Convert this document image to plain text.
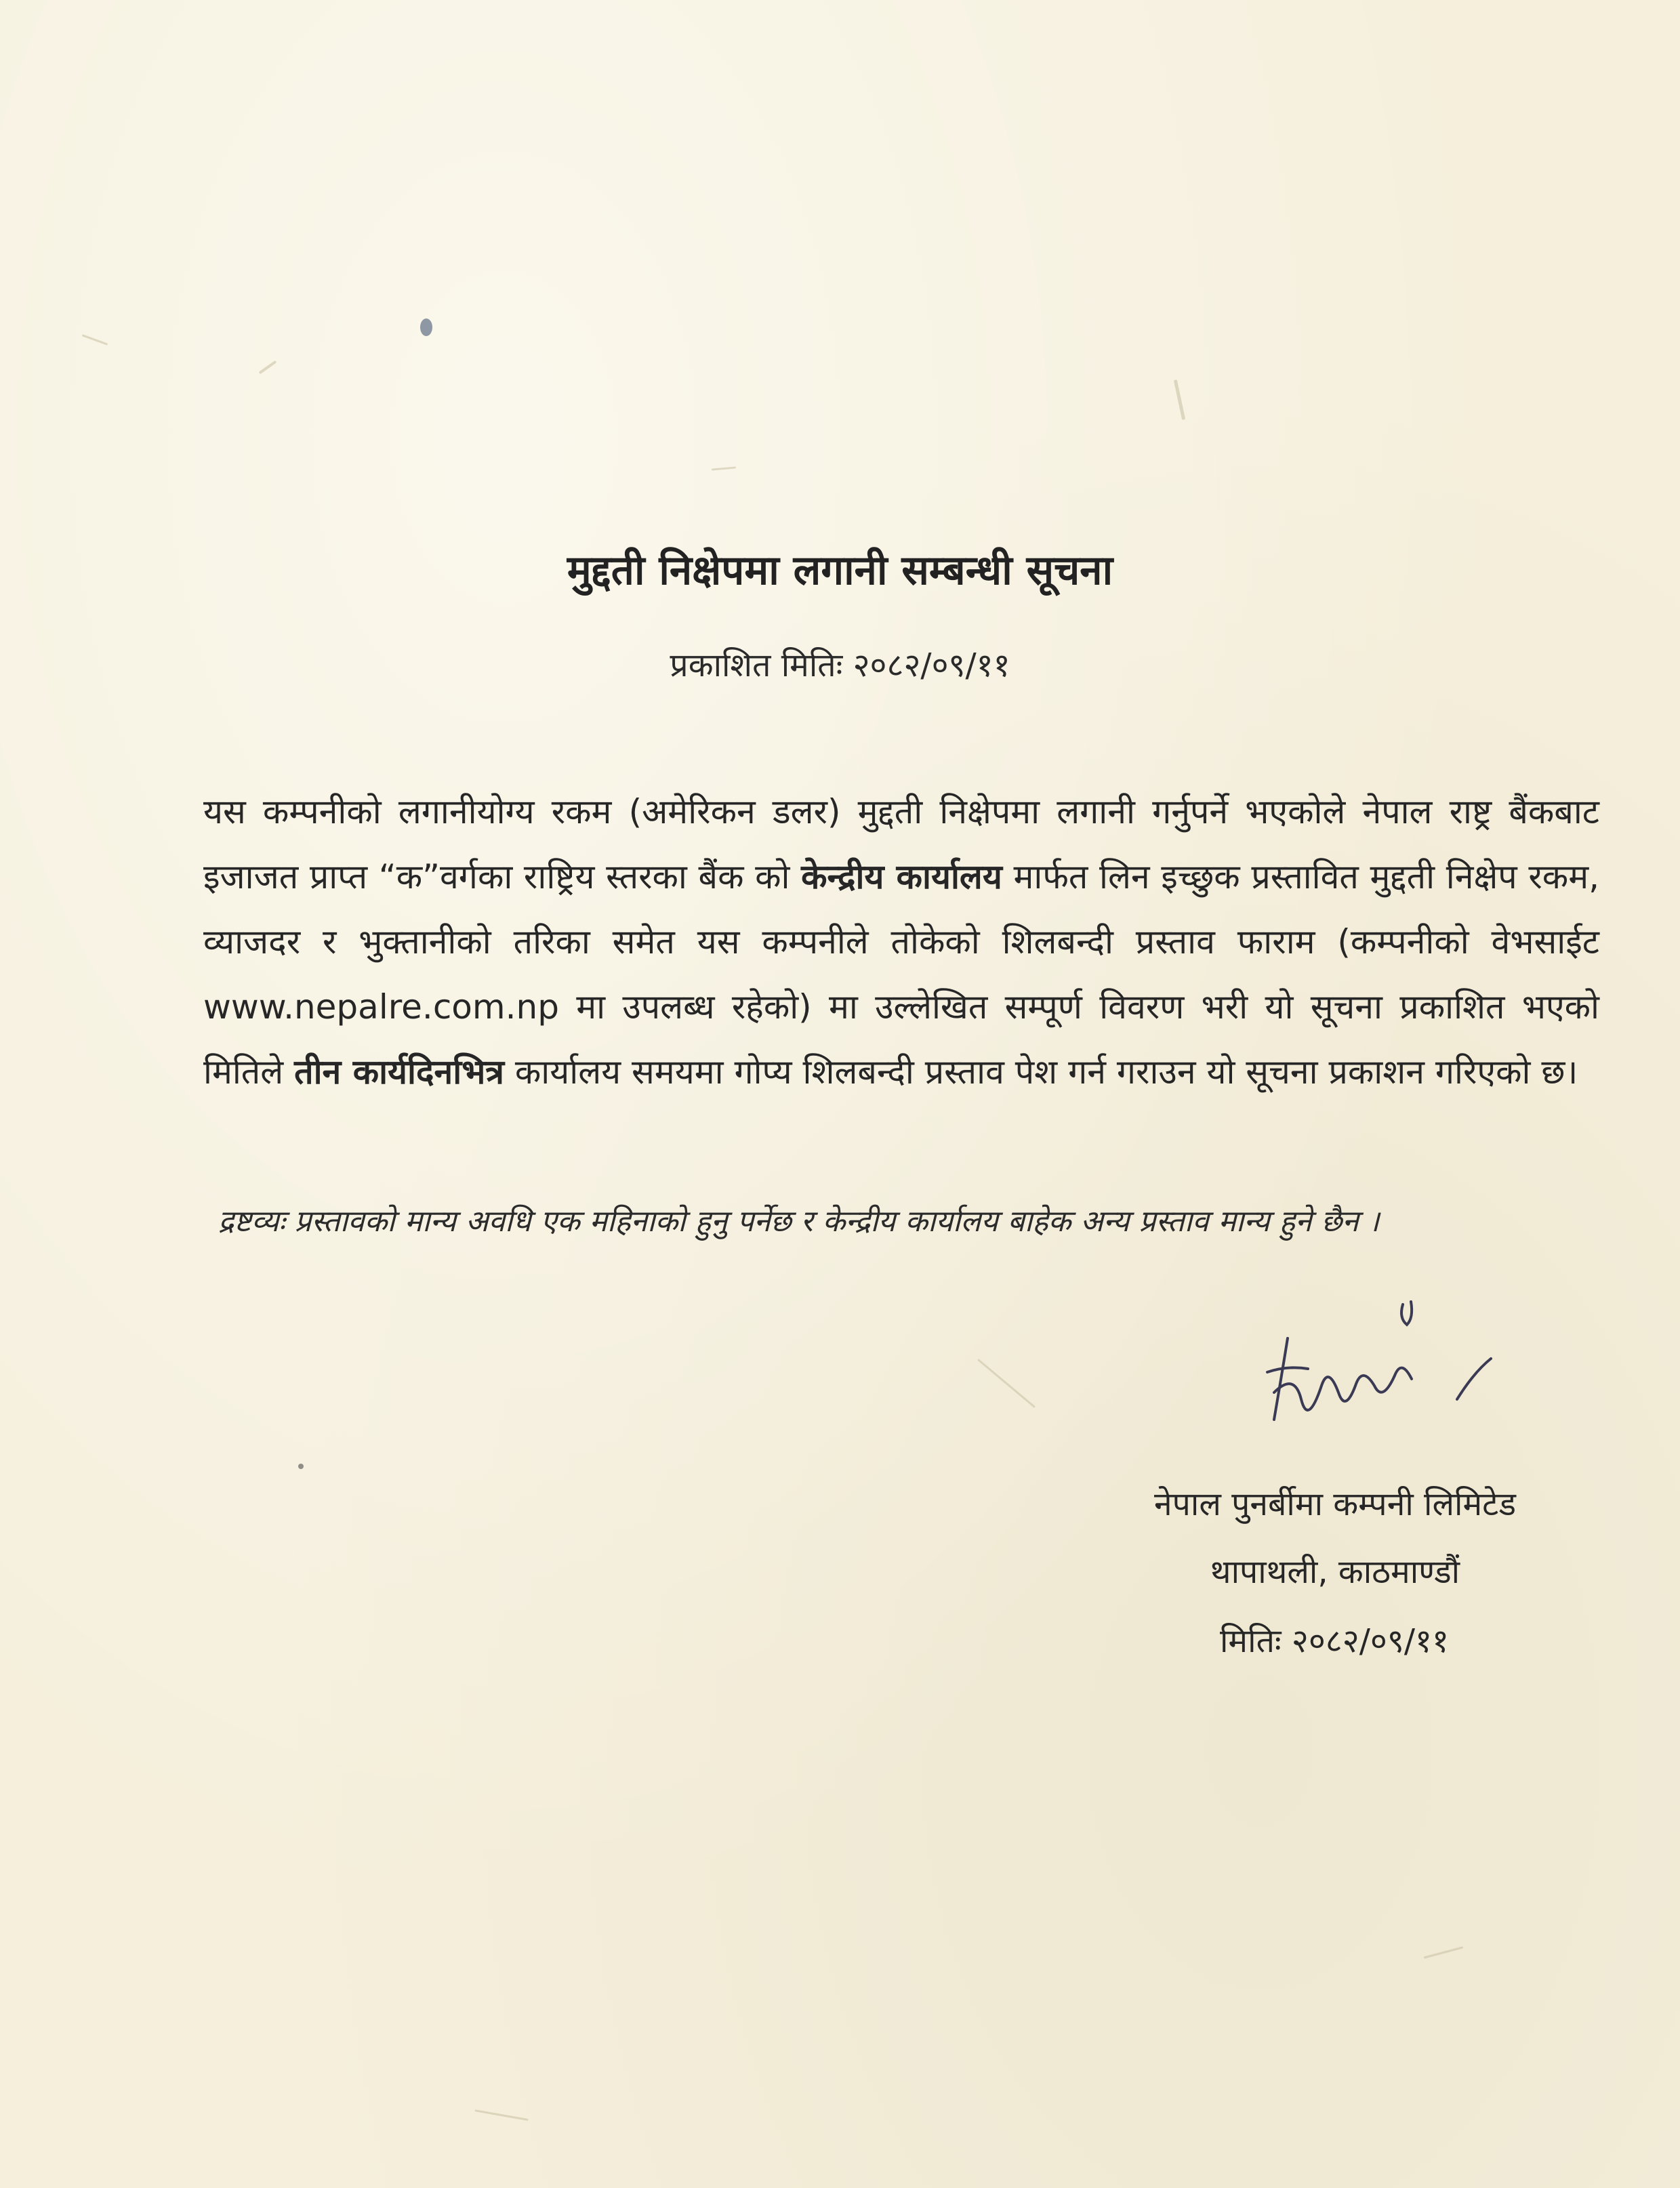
मुद्दती निक्षेपमा लगानी सम्बन्धी सूचना
प्रकाशित मितिः २०८२/०९/११
यस कम्पनीको लगानीयोग्य रकम (अमेरिकन डलर) मुद्दती निक्षेपमा लगानी गर्नुपर्ने भएकोले नेपाल राष्ट्र बैंकबाट इजाजत प्राप्त “क”वर्गका राष्ट्रिय स्तरका बैंक को केन्द्रीय कार्यालय मार्फत लिन इच्छुक प्रस्तावित मुद्दती निक्षेप रकम, व्याजदर र भुक्तानीको तरिका समेत यस कम्पनीले तोकेको शिलबन्दी प्रस्ताव फाराम (कम्पनीको वेभसाईट www.nepalre.com.np मा उपलब्ध रहेको) मा उल्लेखित सम्पूर्ण विवरण भरी यो सूचना प्रकाशित भएको मितिले तीन कार्यदिनभित्र कार्यालय समयमा गोप्य शिलबन्दी प्रस्ताव पेश गर्न गराउन यो सूचना प्रकाशन गरिएको छ।
द्रष्टव्यः प्रस्तावको मान्य अवधि एक महिनाको हुनु पर्नेछ र केन्द्रीय कार्यालय बाहेक अन्य प्रस्ताव मान्य हुने छैन ।
नेपाल पुनर्बीमा कम्पनी लिमिटेड
थापाथली, काठमाण्डौं
मितिः २०८२/०९/११
